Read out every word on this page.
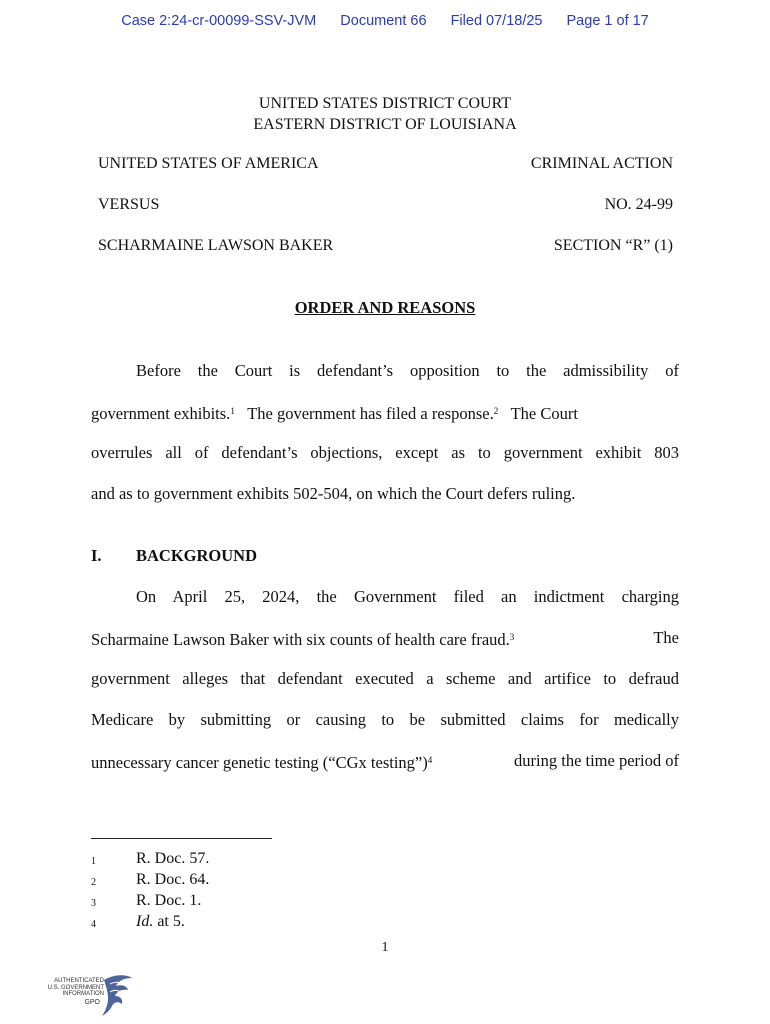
Case 2:24-cr-00099-SSV-JVM Document 66 Filed 07/18/25 Page 1 of 17
UNITED STATES DISTRICT COURT
EASTERN DISTRICT OF LOUISIANA
UNITED STATES OF AMERICA	CRIMINAL ACTION
VERSUS	NO. 24-99
SCHARMAINE LAWSON BAKER	SECTION “R” (1)
ORDER AND REASONS
Before the Court is defendant’s opposition to the admissibility of
government exhibits.$^1$ The government has filed a response.$^2$ The Court
overrules all of defendant’s objections, except as to government exhibit 803
and as to government exhibits 502-504, on which the Court defers ruling.
I. BACKGROUND
On April 25, 2024, the Government filed an indictment charging
Scharmaine Lawson Baker with six counts of health care fraud.$^3$	The
government alleges that defendant executed a scheme and artifice to defraud
Medicare by submitting or causing to be submitted claims for medically
unnecessary cancer genetic testing (“CGx testing”)$^4$	during the time period of
1	R. Doc. 57.
2	R. Doc. 64.
3	R. Doc. 1.
4	Id. at 5.
1
AUTHENTICATED
U.S. GOVERNMENT
INFORMATION
GPO
